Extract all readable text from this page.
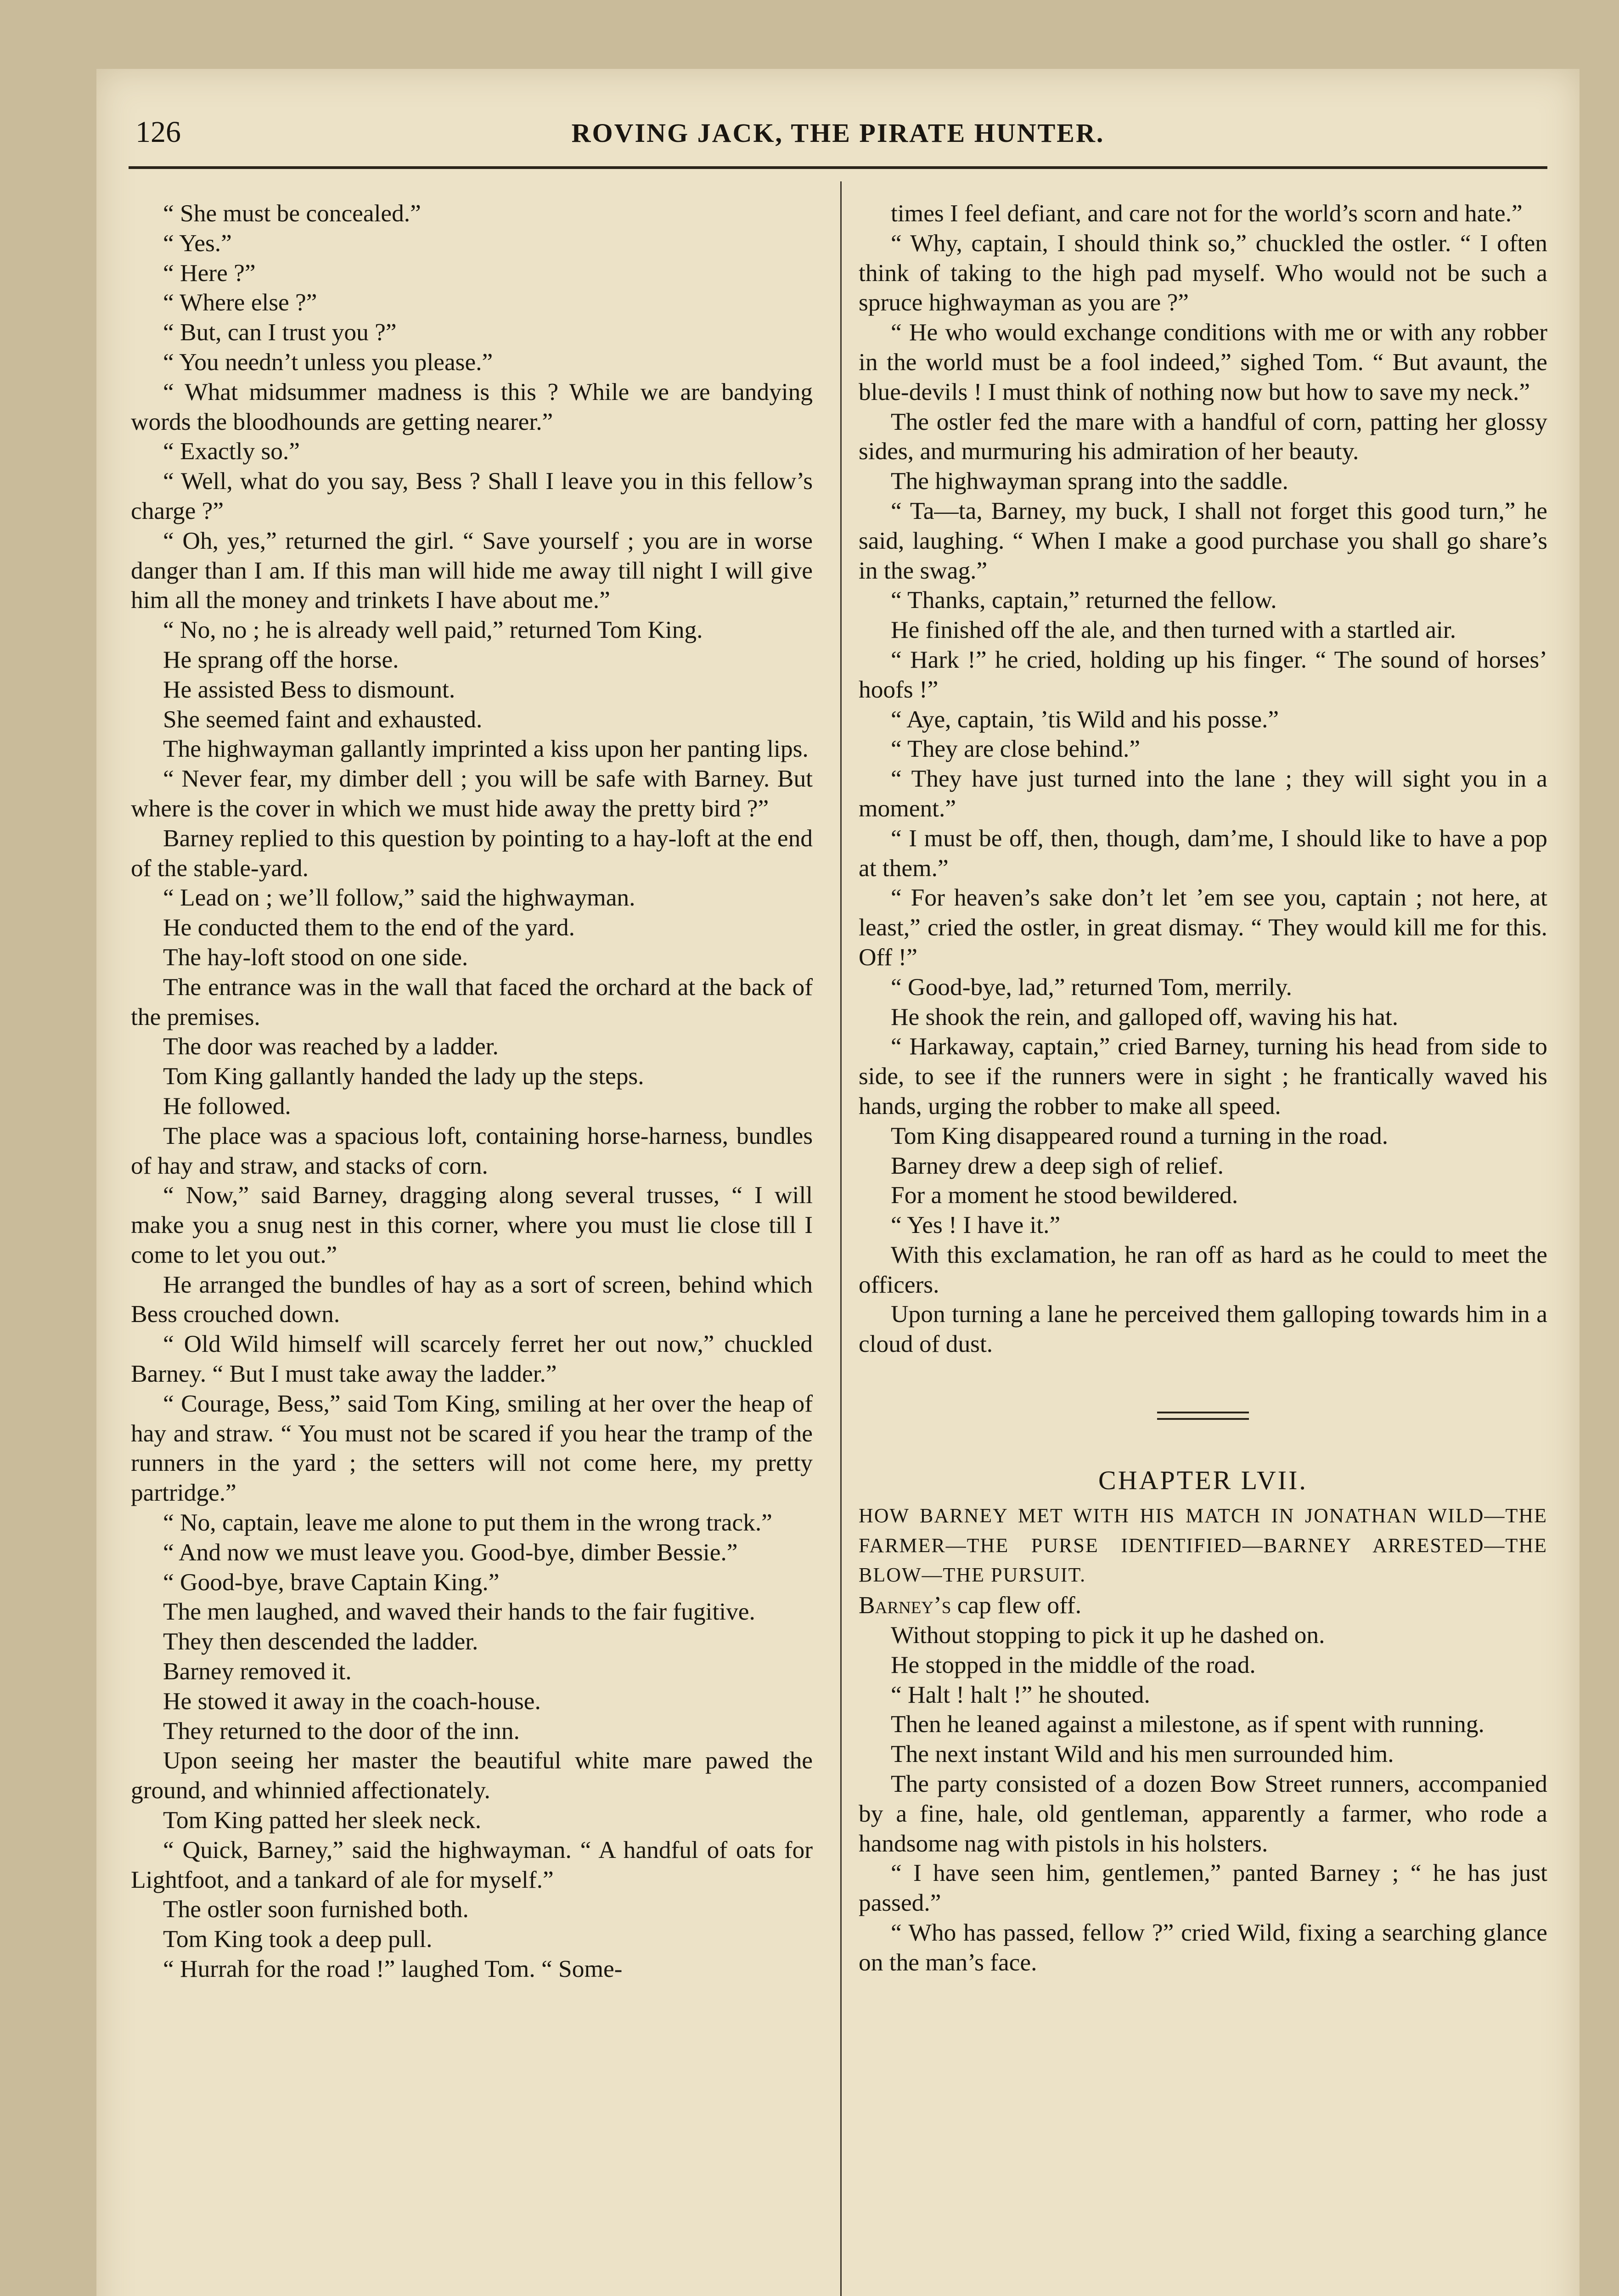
126	ROVING JACK, THE PIRATE HUNTER.

“ She must be concealed.”

“ Yes.”

“ Here ?”

“ Where else ?”

“ But, can I trust you ?”

“ You needn’t unless you please.”

“ What midsummer madness is this ? While we are bandying words the bloodhounds are getting nearer.”

“ Exactly so.”

“ Well, what do you say, Bess ? Shall I leave you in this fellow’s charge ?”

“ Oh, yes,” returned the girl. “ Save yourself ; you are in worse danger than I am. If this man will hide me away till night I will give him all the money and trinkets I have about me.”

“ No, no ; he is already well paid,” returned Tom King.

He sprang off the horse.

He assisted Bess to dismount.

She seemed faint and exhausted.

The highwayman gallantly imprinted a kiss upon her panting lips.

“ Never fear, my dimber dell ; you will be safe with Barney. But where is the cover in which we must hide away the pretty bird ?”

Barney replied to this question by pointing to a hay-loft at the end of the stable-yard.

“ Lead on ; we’ll follow,” said the highwayman.

He conducted them to the end of the yard.

The hay-loft stood on one side.

The entrance was in the wall that faced the orchard at the back of the premises.

The door was reached by a ladder.

Tom King gallantly handed the lady up the steps.

He followed.

The place was a spacious loft, containing horse-harness, bundles of hay and straw, and stacks of corn.

“ Now,” said Barney, dragging along several trusses, “ I will make you a snug nest in this corner, where you must lie close till I come to let you out.”

He arranged the bundles of hay as a sort of screen, behind which Bess crouched down.

“ Old Wild himself will scarcely ferret her out now,” chuckled Barney. “ But I must take away the ladder.”

“ Courage, Bess,” said Tom King, smiling at her over the heap of hay and straw. “ You must not be scared if you hear the tramp of the runners in the yard ; the setters will not come here, my pretty partridge.”

“ No, captain, leave me alone to put them in the wrong track.”

“ And now we must leave you. Good-bye, dimber Bessie.”

“ Good-bye, brave Captain King.”

The men laughed, and waved their hands to the fair fugitive.

They then descended the ladder.

Barney removed it.

He stowed it away in the coach-house.

They returned to the door of the inn.

Upon seeing her master the beautiful white mare pawed the ground, and whinnied affectionately.

Tom King patted her sleek neck.

“ Quick, Barney,” said the highwayman. “ A handful of oats for Lightfoot, and a tankard of ale for myself.”

The ostler soon furnished both.

Tom King took a deep pull.

“ Hurrah for the road !” laughed Tom. “ Some-

times I feel defiant, and care not for the world’s scorn and hate.”

“ Why, captain, I should think so,” chuckled the ostler. “ I often think of taking to the high pad myself. Who would not be such a spruce highwayman as you are ?”

“ He who would exchange conditions with me or with any robber in the world must be a fool indeed,” sighed Tom. “ But avaunt, the blue-devils ! I must think of nothing now but how to save my neck.”

The ostler fed the mare with a handful of corn, patting her glossy sides, and murmuring his admiration of her beauty.

The highwayman sprang into the saddle.

“ Ta—ta, Barney, my buck, I shall not forget this good turn,” he said, laughing. “ When I make a good purchase you shall go share’s in the swag.”

“ Thanks, captain,” returned the fellow.

He finished off the ale, and then turned with a startled air.

“ Hark !” he cried, holding up his finger. “ The sound of horses’ hoofs !”

“ Aye, captain, ’tis Wild and his posse.”

“ They are close behind.”

“ They have just turned into the lane ; they will sight you in a moment.”

“ I must be off, then, though, dam’me, I should like to have a pop at them.”

“ For heaven’s sake don’t let ’em see you, captain ; not here, at least,” cried the ostler, in great dismay. “ They would kill me for this. Off !”

“ Good-bye, lad,” returned Tom, merrily.

He shook the rein, and galloped off, waving his hat.

“ Harkaway, captain,” cried Barney, turning his head from side to side, to see if the runners were in sight ; he frantically waved his hands, urging the robber to make all speed.

Tom King disappeared round a turning in the road.

Barney drew a deep sigh of relief.

For a moment he stood bewildered.

“ Yes ! I have it.”

With this exclamation, he ran off as hard as he could to meet the officers.

Upon turning a lane he perceived them galloping towards him in a cloud of dust.

CHAPTER LVII.

HOW BARNEY MET WITH HIS MATCH IN JONATHAN WILD—THE FARMER—THE PURSE IDENTIFIED—BARNEY ARRESTED—THE BLOW—THE PURSUIT.

Barney’s cap flew off.

Without stopping to pick it up he dashed on.

He stopped in the middle of the road.

“ Halt ! halt !” he shouted.

Then he leaned against a milestone, as if spent with running.

The next instant Wild and his men surrounded him.

The party consisted of a dozen Bow Street runners, accompanied by a fine, hale, old gentleman, apparently a farmer, who rode a handsome nag with pistols in his holsters.

“ I have seen him, gentlemen,” panted Barney ; “ he has just passed.”

“ Who has passed, fellow ?” cried Wild, fixing a searching glance on the man’s face.
